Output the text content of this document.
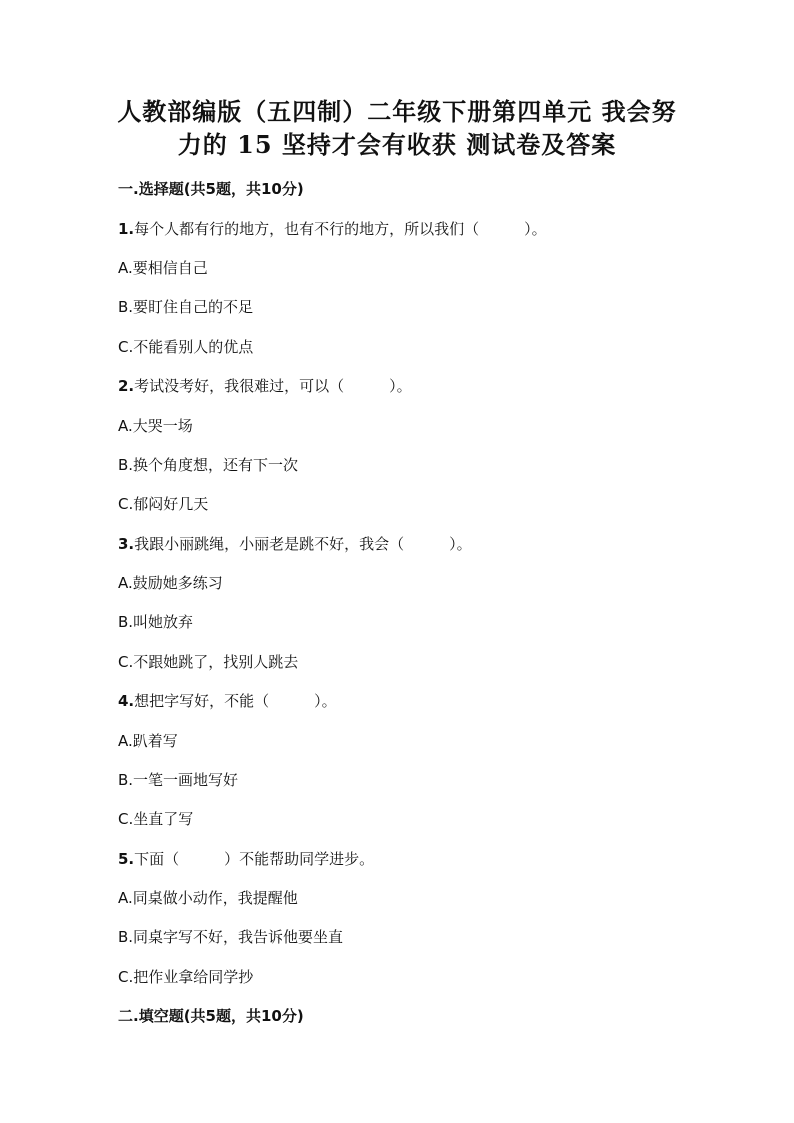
人教部编版（五四制）二年级下册第四单元 我会努
力的 15 坚持才会有收获 测试卷及答案
一.选择题(共5题，共10分)
1.每个人都有行的地方，也有不行的地方，所以我们（　　　）。
A.要相信自己
B.要盯住自己的不足
C.不能看别人的优点
2.考试没考好，我很难过，可以（　　　）。
A.大哭一场
B.换个角度想，还有下一次
C.郁闷好几天
3.我跟小丽跳绳，小丽老是跳不好，我会（　　　）。
A.鼓励她多练习
B.叫她放弃
C.不跟她跳了，找别人跳去
4.想把字写好，不能（　　　）。
A.趴着写
B.一笔一画地写好
C.坐直了写
5.下面（　　　）不能帮助同学进步。
A.同桌做小动作，我提醒他
B.同桌字写不好，我告诉他要坐直
C.把作业拿给同学抄
二.填空题(共5题，共10分)
